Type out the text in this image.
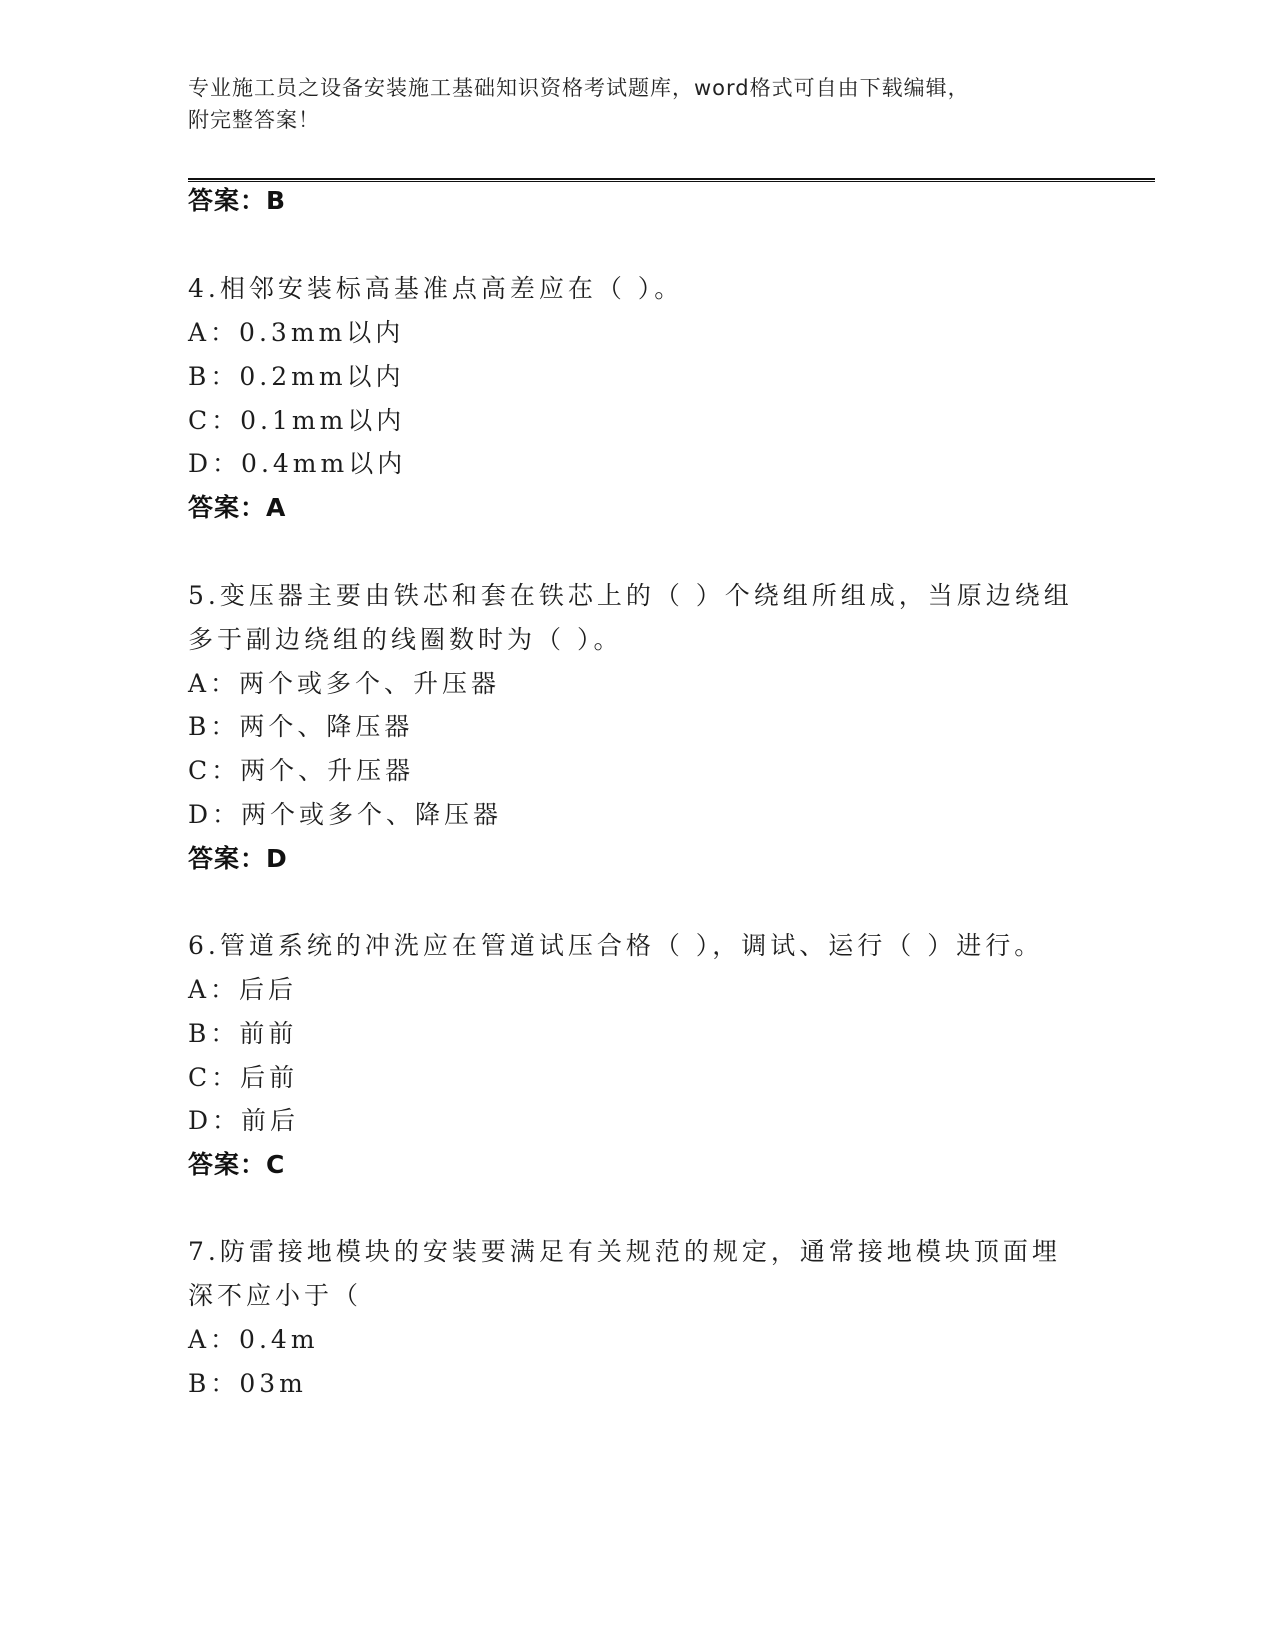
专业施工员之设备安装施工基础知识资格考试题库，word格式可自由下载编辑，
附完整答案！
答案：B
4.相邻安装标高基准点高差应在（ ）。
A：0.3mm以内
B：0.2mm以内
C：0.1mm以内
D：0.4mm以内
答案：A
5.变压器主要由铁芯和套在铁芯上的（ ）个绕组所组成，当原边绕组
多于副边绕组的线圈数时为（ ）。
A：两个或多个、升压器
B：两个、降压器
C：两个、升压器
D：两个或多个、降压器
答案：D
6.管道系统的冲洗应在管道试压合格（ ），调试、运行（ ）进行。
A：后后
B：前前
C：后前
D：前后
答案：C
7.防雷接地模块的安装要满足有关规范的规定，通常接地模块顶面埋
深不应小于（
A：0.4m
B：03m
